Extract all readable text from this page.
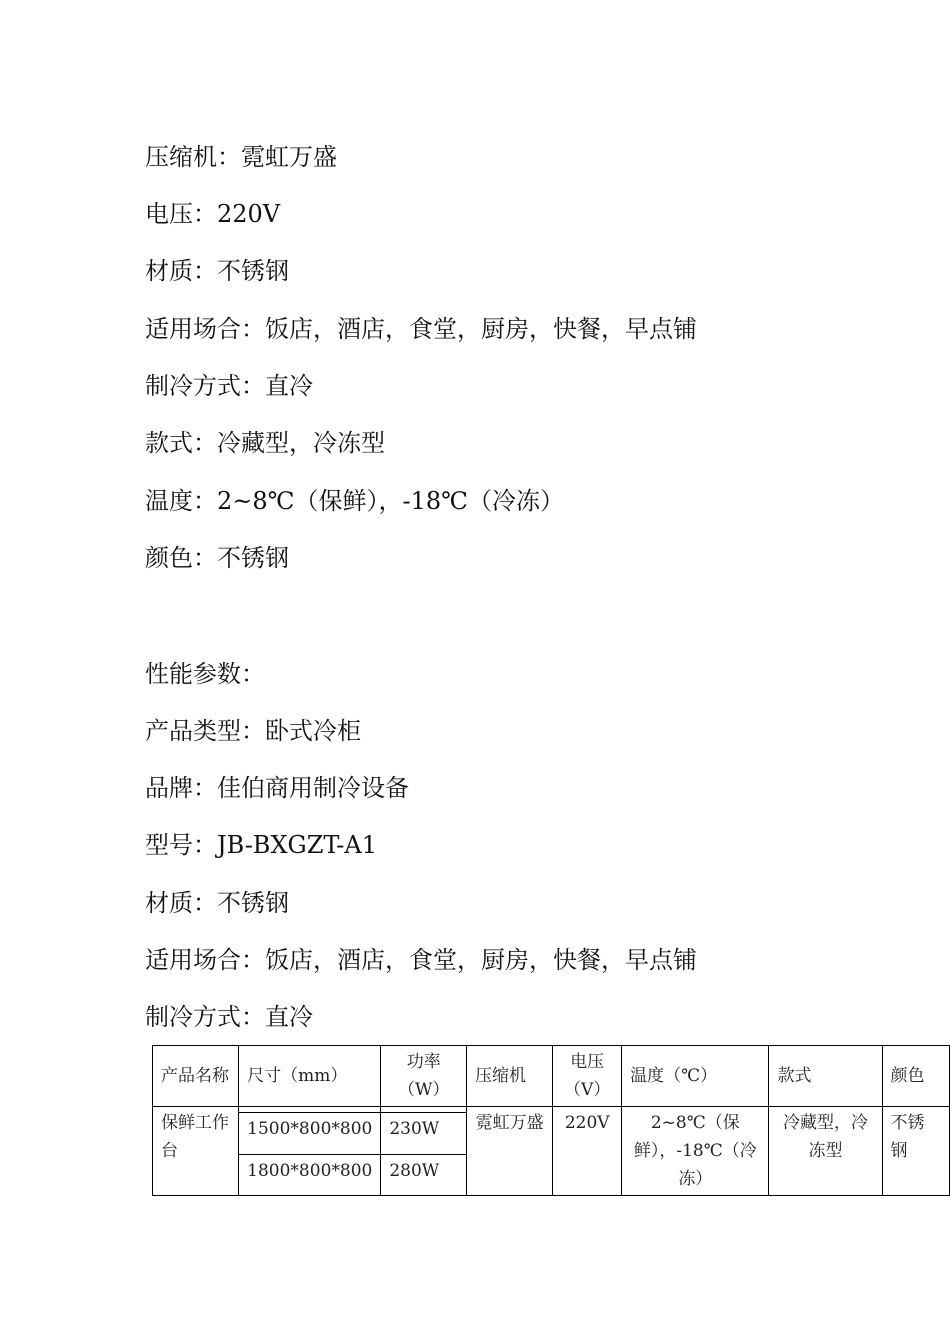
压缩机：霓虹万盛
电压：220V
材质：不锈钢
适用场合：饭店，酒店，食堂，厨房，快餐，早点铺
制冷方式：直冷
款式：冷藏型，冷冻型
温度：2~8℃（保鲜），-18℃（冷冻）
颜色：不锈钢
性能参数：
产品类型：卧式冷柜
品牌：佳伯商用制冷设备
型号：JB-BXGZT-A1
材质：不锈钢
适用场合：饭店，酒店，食堂，厨房，快餐，早点铺
制冷方式：直冷
产品名称	尺寸（mm）	功率（W）	压缩机	电压（V）	温度（℃）	款式	颜色
保鲜工作台			霓虹万盛	220V	2~8℃（保鲜），-18℃（冷冻）	冷藏型，冷冻型	不锈钢
	1500*800*800	230W					
	1800*800*800	280W					
